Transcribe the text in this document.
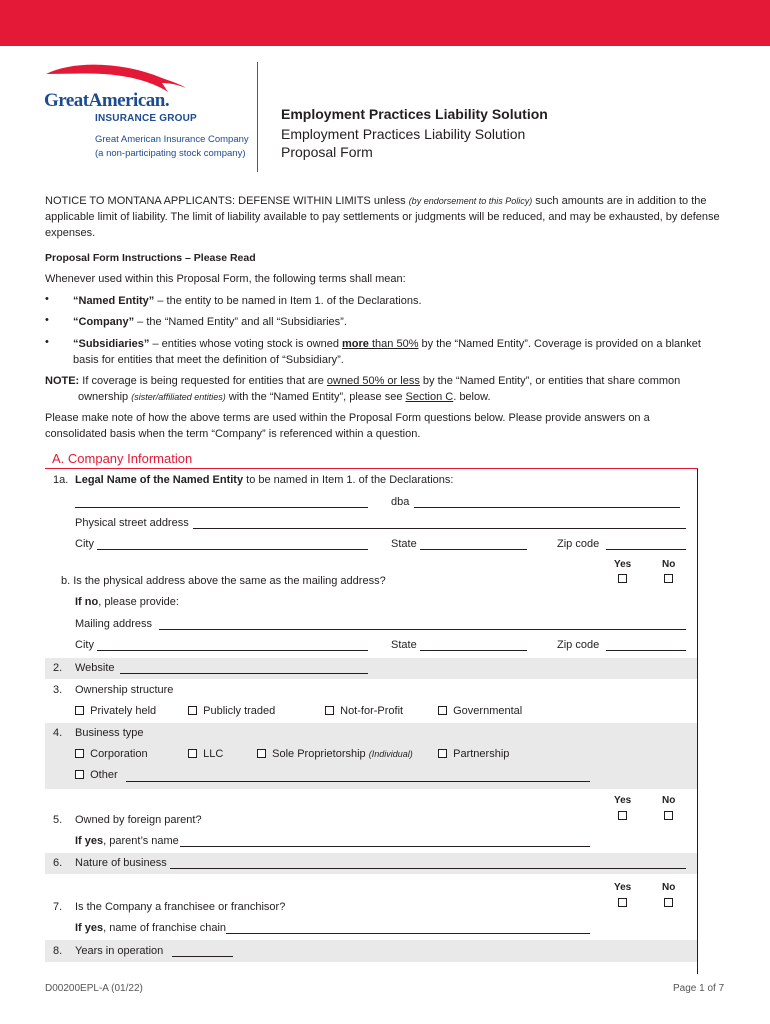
GreatAmerican.
INSURANCE GROUP
Great American Insurance Company
(a non-participating stock company)
Employment Practices Liability Solution
Employment Practices Liability Solution
Proposal Form
NOTICE TO MONTANA APPLICANTS: DEFENSE WITHIN LIMITS unless (by endorsement to this Policy) such amounts are in addition to the applicable limit of liability. The limit of liability available to pay settlements or judgments will be reduced, and may be exhausted, by defense expenses.
Proposal Form Instructions – Please Read
Whenever used within this Proposal Form, the following terms shall mean:
• “Named Entity” – the entity to be named in Item 1. of the Declarations.
• “Company” – the “Named Entity” and all “Subsidiaries”.
• “Subsidiaries” – entities whose voting stock is owned more than 50% by the “Named Entity”. Coverage is provided on a blanket
basis for entities that meet the definition of “Subsidiary”.
NOTE: If coverage is being requested for entities that are owned 50% or less by the “Named Entity”, or entities that share common
ownership (sister/affiliated entities) with the “Named Entity”, please see Section C. below.
Please make note of how the above terms are used within the Proposal Form questions below. Please provide answers on a
consolidated basis when the term “Company” is referenced within a question.
A. Company Information
1a. Legal Name of the Named Entity to be named in Item 1. of the Declarations:
dba
Physical street address
City	State	Zip code
Yes	No
b. Is the physical address above the same as the mailing address?
If no, please provide:
Mailing address
City	State	Zip code
2. Website
3. Ownership structure
Privately held	Publicly traded	Not-for-Profit	Governmental
4. Business type
Corporation	LLC	Sole Proprietorship (Individual)	Partnership
Other
Yes	No
5. Owned by foreign parent?
If yes, parent’s name
6. Nature of business
Yes	No
7. Is the Company a franchisee or franchisor?
If yes, name of franchise chain
8. Years in operation
D00200EPL-A (01/22)	Page 1 of 7
